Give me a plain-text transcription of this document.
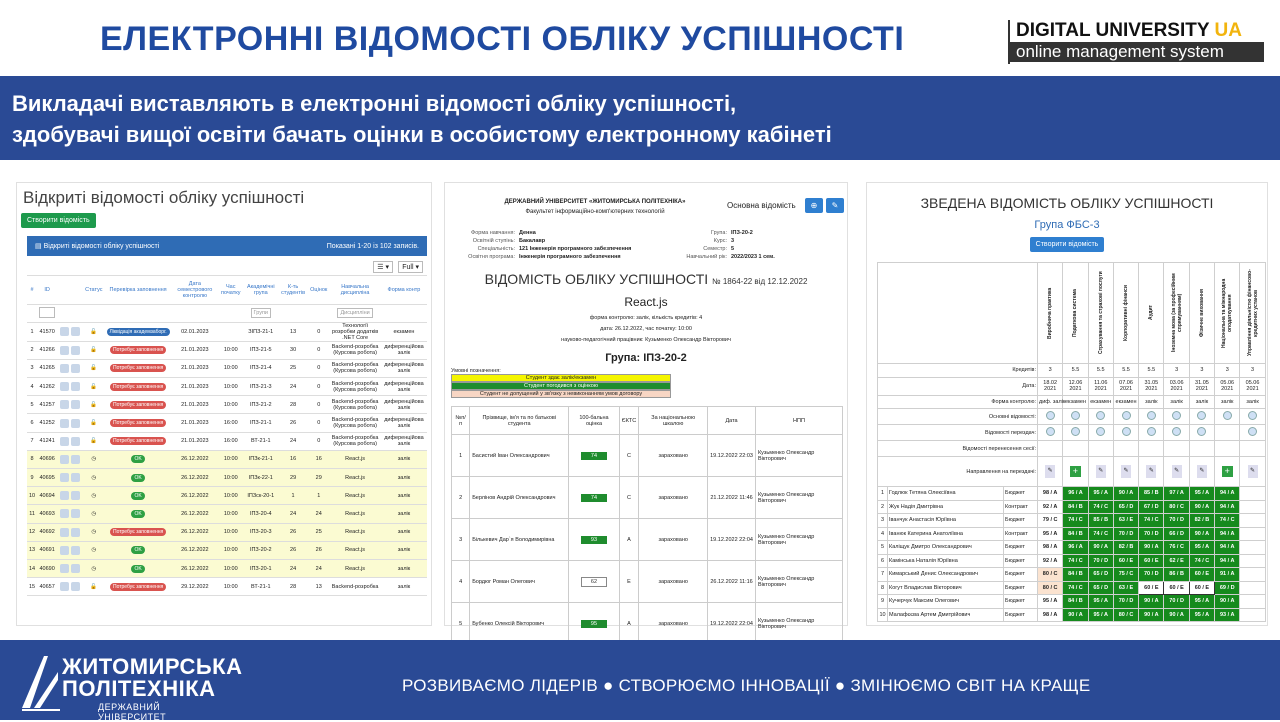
ЕЛЕКТРОННІ ВІДОМОСТІ ОБЛІКУ УСПІШНОСТІ	DIGITAL UNIVERSITY UA
online management system
Викладачі виставляють в електронні відомості обліку успішності,
здобувачі вищої освіти бачать оцінки в особистому електронному кабінеті
Відкриті відомості обліку успішності
Створити відомість
▤ Відкриті відомості обліку успішності	Показані 1-20 із 102 записів.
☰ ▾	Full ▾
#	ID		Статус	Перевірка заповнення	Дата семестрового контролю	Час початку	Академічні група	К-ть студентів	Оцінок	Навчальна дисципліна	Форма контр
							Групи			Дисципліни	
1	41570		🔓	Ліквідація академзаборг.	02.01.2023		ЗІПЗ-21-1	13	0	Технології розробки додатків .NET Core	екзамен
2	41266		🔓	Потребує заповнення	21.01.2023	10:00	ІПЗ-21-5	30	0	Backend-розробка (Курсова робота)	диференційова залік
3	41265		🔓	Потребує заповнення	21.01.2023	10:00	ІПЗ-21-4	25	0	Backend-розробка (Курсова робота)	диференційова залік
4	41262		🔓	Потребує заповнення	21.01.2023	10:00	ІПЗ-21-3	24	0	Backend-розробка (Курсова робота)	диференційова залік
5	41257		🔓	Потребує заповнення	21.01.2023	10:00	ІПЗ-21-2	28	0	Backend-розробка (Курсова робота)	диференційова залік
6	41252		🔓	Потребує заповнення	21.01.2023	16:00	ІПЗ-21-1	26	0	Backend-розробка (Курсова робота)	диференційова залік
7	41241		🔓	Потребує заповнення	21.01.2023	16:00	ВТ-21-1	24	0	Backend-розробка (Курсова робота)	диференційова залік
8	40696		◷	OK	26.12.2022	10:00	ІПЗк-21-1	16	16	React.js	залік
9	40695		◷	OK	26.12.2022	10:00	ІПЗк-22-1	29	29	React.js	залік
10	40694		◷	OK	26.12.2022	10:00	ІПЗск-20-1	1	1	React.js	залік
11	40693		◷	OK	26.12.2022	10:00	ІПЗ-20-4	24	24	React.js	залік
12	40692		◷	Потребує заповнення	26.12.2022	10:00	ІПЗ-20-3	26	25	React.js	залік
13	40691		◷	OK	26.12.2022	10:00	ІПЗ-20-2	26	26	React.js	залік
14	40690		◷	OK	26.12.2022	10:00	ІПЗ-20-1	24	24	React.js	залік
15	40657		🔓	Потребує заповнення	29.12.2022	10:00	ВТ-21-1	28	13	Backend-розробка	залік
ДЕРЖАВНИЙ УНІВЕРСИТЕТ «ЖИТОМИРСЬКА ПОЛІТЕХНІКА»
Факультет інформаційно-комп'ютерних технологій
Основна відомість	⊕	✎
Форма навчання: Денна
Освітній ступінь: Бакалавр
Спеціальність: 121 Інженерія програмного забезпечення
Освітня програма: Інженерія програмного забезпечення
Група: ІПЗ-20-2
Курс: 3
Семестр: 5
Навчальний рік: 2022/2023 1 сем.
ВІДОМІСТЬ ОБЛІКУ УСПІШНОСТІ № 1864-22 від 12.12.2022
React.js
форма контролю: залік, кількість кредитів: 4
дата: 26.12.2022, час початку: 10:00
науково-педагогічний працівник: Кузьменко Олександр Вікторович
Група: ІПЗ-20-2
Умовні позначення:
Студент здає залік/екзамен
Студент погодився з оцінкою
Студент не допущений у зв'язку з невиконанням умов договору
№п/п	Прізвище, ім'я та по батькові студента	100-бальна оцінка	ЄКТС	За національною шкалою	Дата	НПП
1	Басистий Іван Олександрович	74	C	зараховано	19.12.2022 22:03	Кузьменко Олександр Вікторович
2	Берлінов Андрій Олександрович	74	C	зараховано	21.12.2022 11:46	Кузьменко Олександр Вікторович
3	Бількевич Дар`я Володимирівна	93	A	зараховано	19.12.2022 22:04	Кузьменко Олександр Вікторович
4	Бордюг Роман Олегович	62	E	зараховано	26.12.2022 11:16	Кузьменко Олександр Вікторович
5	Бубенко Олексій Вікторович	95	A	зараховано	19.12.2022 22:04	Кузьменко Олександр Вікторович
ЗВЕДЕНА ВІДОМІСТЬ ОБЛІКУ УСПІШНОСТІ
Група ФБС-3
Створити відомість

			Виробнича практика	Податкова система	Страхування та страхові послуги	Корпоративні фінанси	Аудит	Іноземна мова (за професійним спрямуванням)	Фізичне виховання	Національна та міжнародна оподаткування	Управління діяльністю фінансово-кредитних установ

Кредитів:			3	5.5	5.5	5.5	5.5	3	3	3	3
Дата:			18.02 2021	12.06 2021	11.06 2021	07.06 2021	31.05 2021	03.06 2021	31.05 2021	05.06 2021	05.06 2021
Форма контролю:			диф. залік	екзамен	екзамен	екзамен	залік	залік	залік	залік	залік
Основні відомості:											
Відомості перездач:											
Відомості перенесення сесії:											
Направлення на перездачі:			✎	+	✎	✎	✎	✎	✎	+	✎
1	Годлюк Тетяна Олексіївна	Бюджет	98 / A	96 / A	95 / A	90 / A	85 / B	97 / A	95 / A	94 / A	
2	Жук Надія Дмитрівна	Контракт	92 / A	84 / B	74 / C	65 / D	67 / D	80 / C	90 / A	94 / A	
3	Іванчук Анастасія Юріївна	Бюджет	79 / C	74 / C	85 / B	63 / E	74 / C	70 / D	82 / B	74 / C	
4	Іванюк Катерина Анатоліївна	Контракт	95 / A	84 / B	74 / C	70 / D	70 / D	66 / D	90 / A	94 / A	
5	Каліщук Дмитро Олександрович	Бюджет	98 / A	96 / A	90 / A	82 / B	90 / A	76 / C	95 / A	94 / A	
6	Камінська Наталія Юріївна	Бюджет	92 / A	74 / C	70 / D	60 / E	60 / E	62 / E	74 / C	94 / A	
7	Кимарський Денис Олександрович	Бюджет	80 / C	84 / B	65 / D	75 / C	70 / D	86 / B	60 / E	91 / A	
8	Когут Владислав Вікторович	Бюджет	80 / C	74 / C	65 / D	63 / E	60 / E	60 / E	60 / E	69 / D	
9	Кучерчук Максим Олегович	Бюджет	95 / A	84 / B	95 / A	70 / D	90 / A	70 / D	95 / A	90 / A	
10	Малафєєва Артем Дмитрійович	Бюджет	98 / A	90 / A	95 / A	80 / C	90 / A	90 / A	95 / A	93 / A	
ЖИТОМИРСЬКА
ПОЛІТЕХНІКА
ДЕРЖАВНИЙ УНІВЕРСИТЕТ
РОЗВИВАЄМО ЛІДЕРІВ ● СТВОРЮЄМО ІННОВАЦІЇ ● ЗМІНЮЄМО СВІТ НА КРАЩЕ
